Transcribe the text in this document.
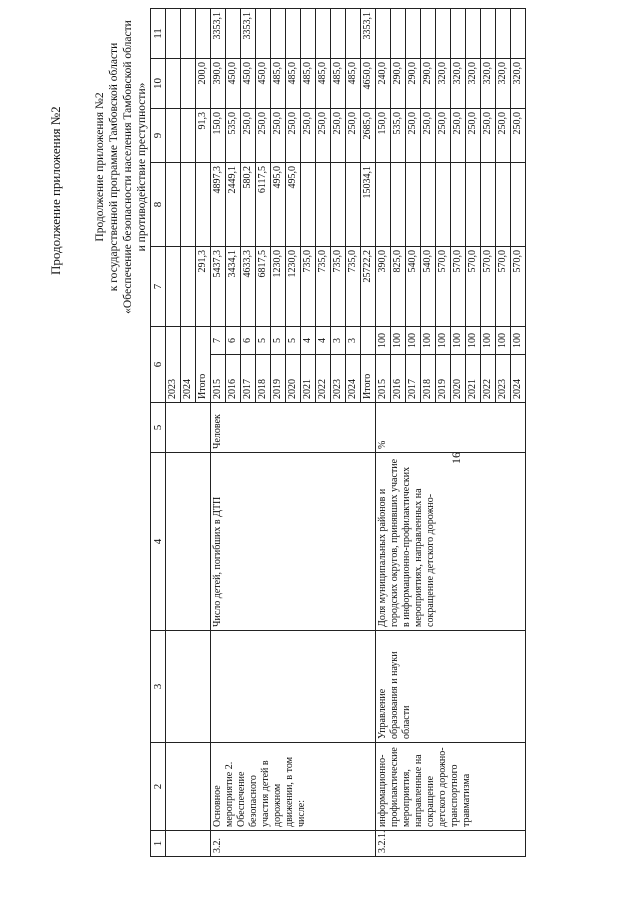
16
Продолжение приложения №2	Продолжение приложения №2 к государственной программе Тамбовской области «Обеспечение безопасности населения Тамбовской области и противодействие преступности»
1	2	3	4	5	6		7	8	9	10	11
					2023						
					2024						
					Итого		291,3		91,3	200,0	
3.2.	Основное мероприятие 2. Обеспечение безопасного участия детей в дорожном движении, в том числе:		Число детей, погибших в ДТП	Человек	2015	7	5437,3	4897,3	150,0	390,0	3353,1
					2016	6	3434,1	2449,1	535,0	450,0	
					2017	6	4633,3	580,2	250,0	450,0	3353,1
					2018	5	6817,5	6117,5	250,0	450,0	
					2019	5	1230,0	495,0	250,0	485,0	
					2020	5	1230,0	495,0	250,0	485,0	
					2021	4	735,0		250,0	485,0	
					2022	4	735,0		250,0	485,0	
					2023	3	735,0		250,0	485,0	
					2024	3	735,0		250,0	485,0	
					Итого		25722,2	15034,1	2685,0	4650,0	3353,1
3.2.1.	информационно-профилактические мероприятия, направленные на сокращение детского дорожно-транспортного травматизма	Управление образования и науки области	Доля муниципальных районов и городских округов, принявших участие в информационно-профилактических мероприятиях, направленных на сокращение детского дорожно-	%	2015	100	390,0		150,0	240,0	
					2016	100	825,0		535,0	290,0	
					2017	100	540,0		250,0	290,0	
					2018	100	540,0		250,0	290,0	
					2019	100	570,0		250,0	320,0	
					2020	100	570,0		250,0	320,0	
					2021	100	570,0		250,0	320,0	
					2022	100	570,0		250,0	320,0	
					2023	100	570,0		250,0	320,0	
					2024	100	570,0		250,0	320,0	
